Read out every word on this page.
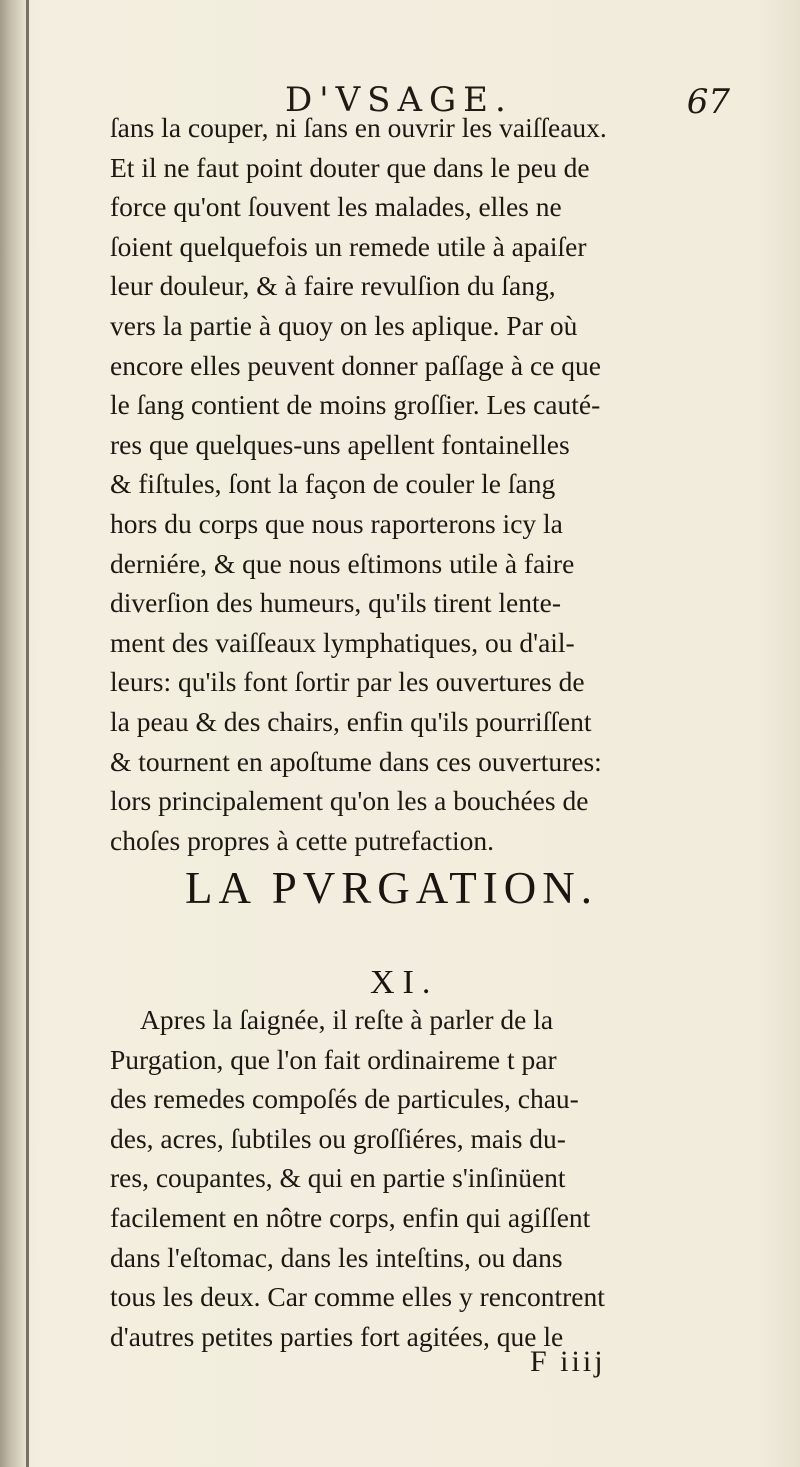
D'VSAGE.	67
ſans la couper, ni ſans en ouvrir les vaiſſeaux.
Et il ne faut point douter que dans le peu de
force qu'ont ſouvent les malades, elles ne
ſoient quelquefois un remede utile à apaiſer
leur douleur, & à faire revulſion du ſang,
vers la partie à quoy on les aplique. Par où
encore elles peuvent donner paſſage à ce que
le ſang contient de moins groſſier. Les cauté-
res que quelques-uns apellent fontainelles
& fiſtules, ſont la façon de couler le ſang
hors du corps que nous raporterons icy la
derniére, & que nous eſtimons utile à faire
diverſion des humeurs, qu'ils tirent lente-
ment des vaiſſeaux lymphatiques, ou d'ail-
leurs: qu'ils font ſortir par les ouvertures de
la peau & des chairs, enfin qu'ils pourriſſent
& tournent en apoſtume dans ces ouvertures:
lors principalement qu'on les a bouchées de
choſes propres à cette putrefaction.
LA PVRGATION.
XI.
Apres la ſaignée, il reſte à parler de la
Purgation, que l'on fait ordinaireme t par
des remedes compoſés de particules, chau-
des, acres, ſubtiles ou groſſiéres, mais du-
res, coupantes, & qui en partie s'inſinüent
facilement en nôtre corps, enfin qui agiſſent
dans l'eſtomac, dans les inteſtins, ou dans
tous les deux. Car comme elles y rencontrent
d'autres petites parties fort agitées, que le
F iiij
